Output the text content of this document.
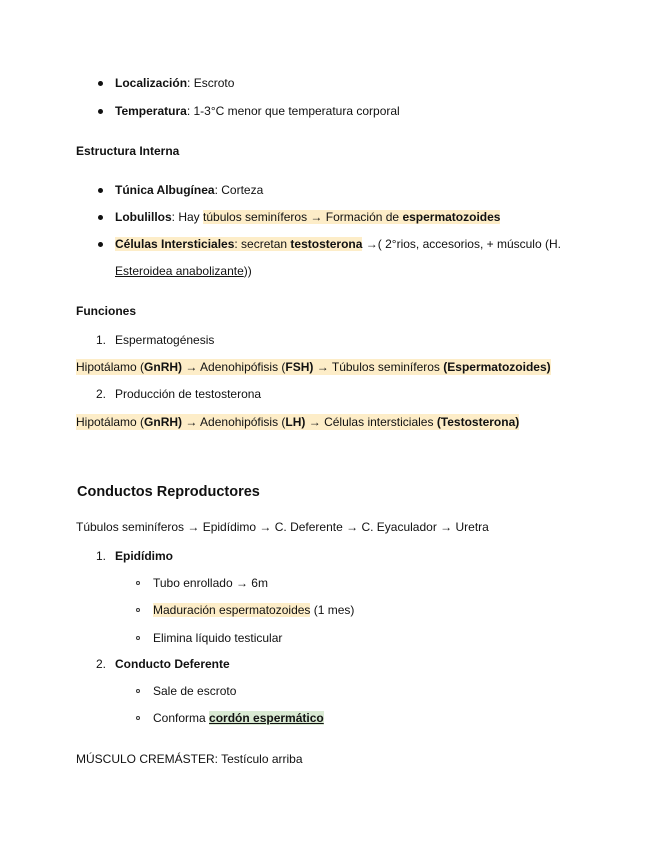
Localización: Escroto
Temperatura: 1-3°C menor que temperatura corporal
Estructura Interna
Túnica Albugínea: Corteza
Lobulillos: Hay túbulos seminíferos → Formación de espermatozoides
Células Intersticiales: secretan testosterona →( 2°rios, accesorios, + músculo (H.
Esteroidea anabolizante))
Funciones
1. Espermatogénesis
Hipotálamo (GnRH) → Adenohipófisis (FSH) → Túbulos seminíferos (Espermatozoides)
2. Producción de testosterona
Hipotálamo (GnRH) → Adenohipófisis (LH) → Células intersticiales (Testosterona)
Conductos Reproductores
Túbulos seminíferos → Epidídimo → C. Deferente → C. Eyaculador → Uretra
1. Epidídimo
Tubo enrollado → 6m
Maduración espermatozoides (1 mes)
Elimina líquido testicular
2. Conducto Deferente
Sale de escroto
Conforma cordón espermático
MÚSCULO CREMÁSTER: Testículo arriba
